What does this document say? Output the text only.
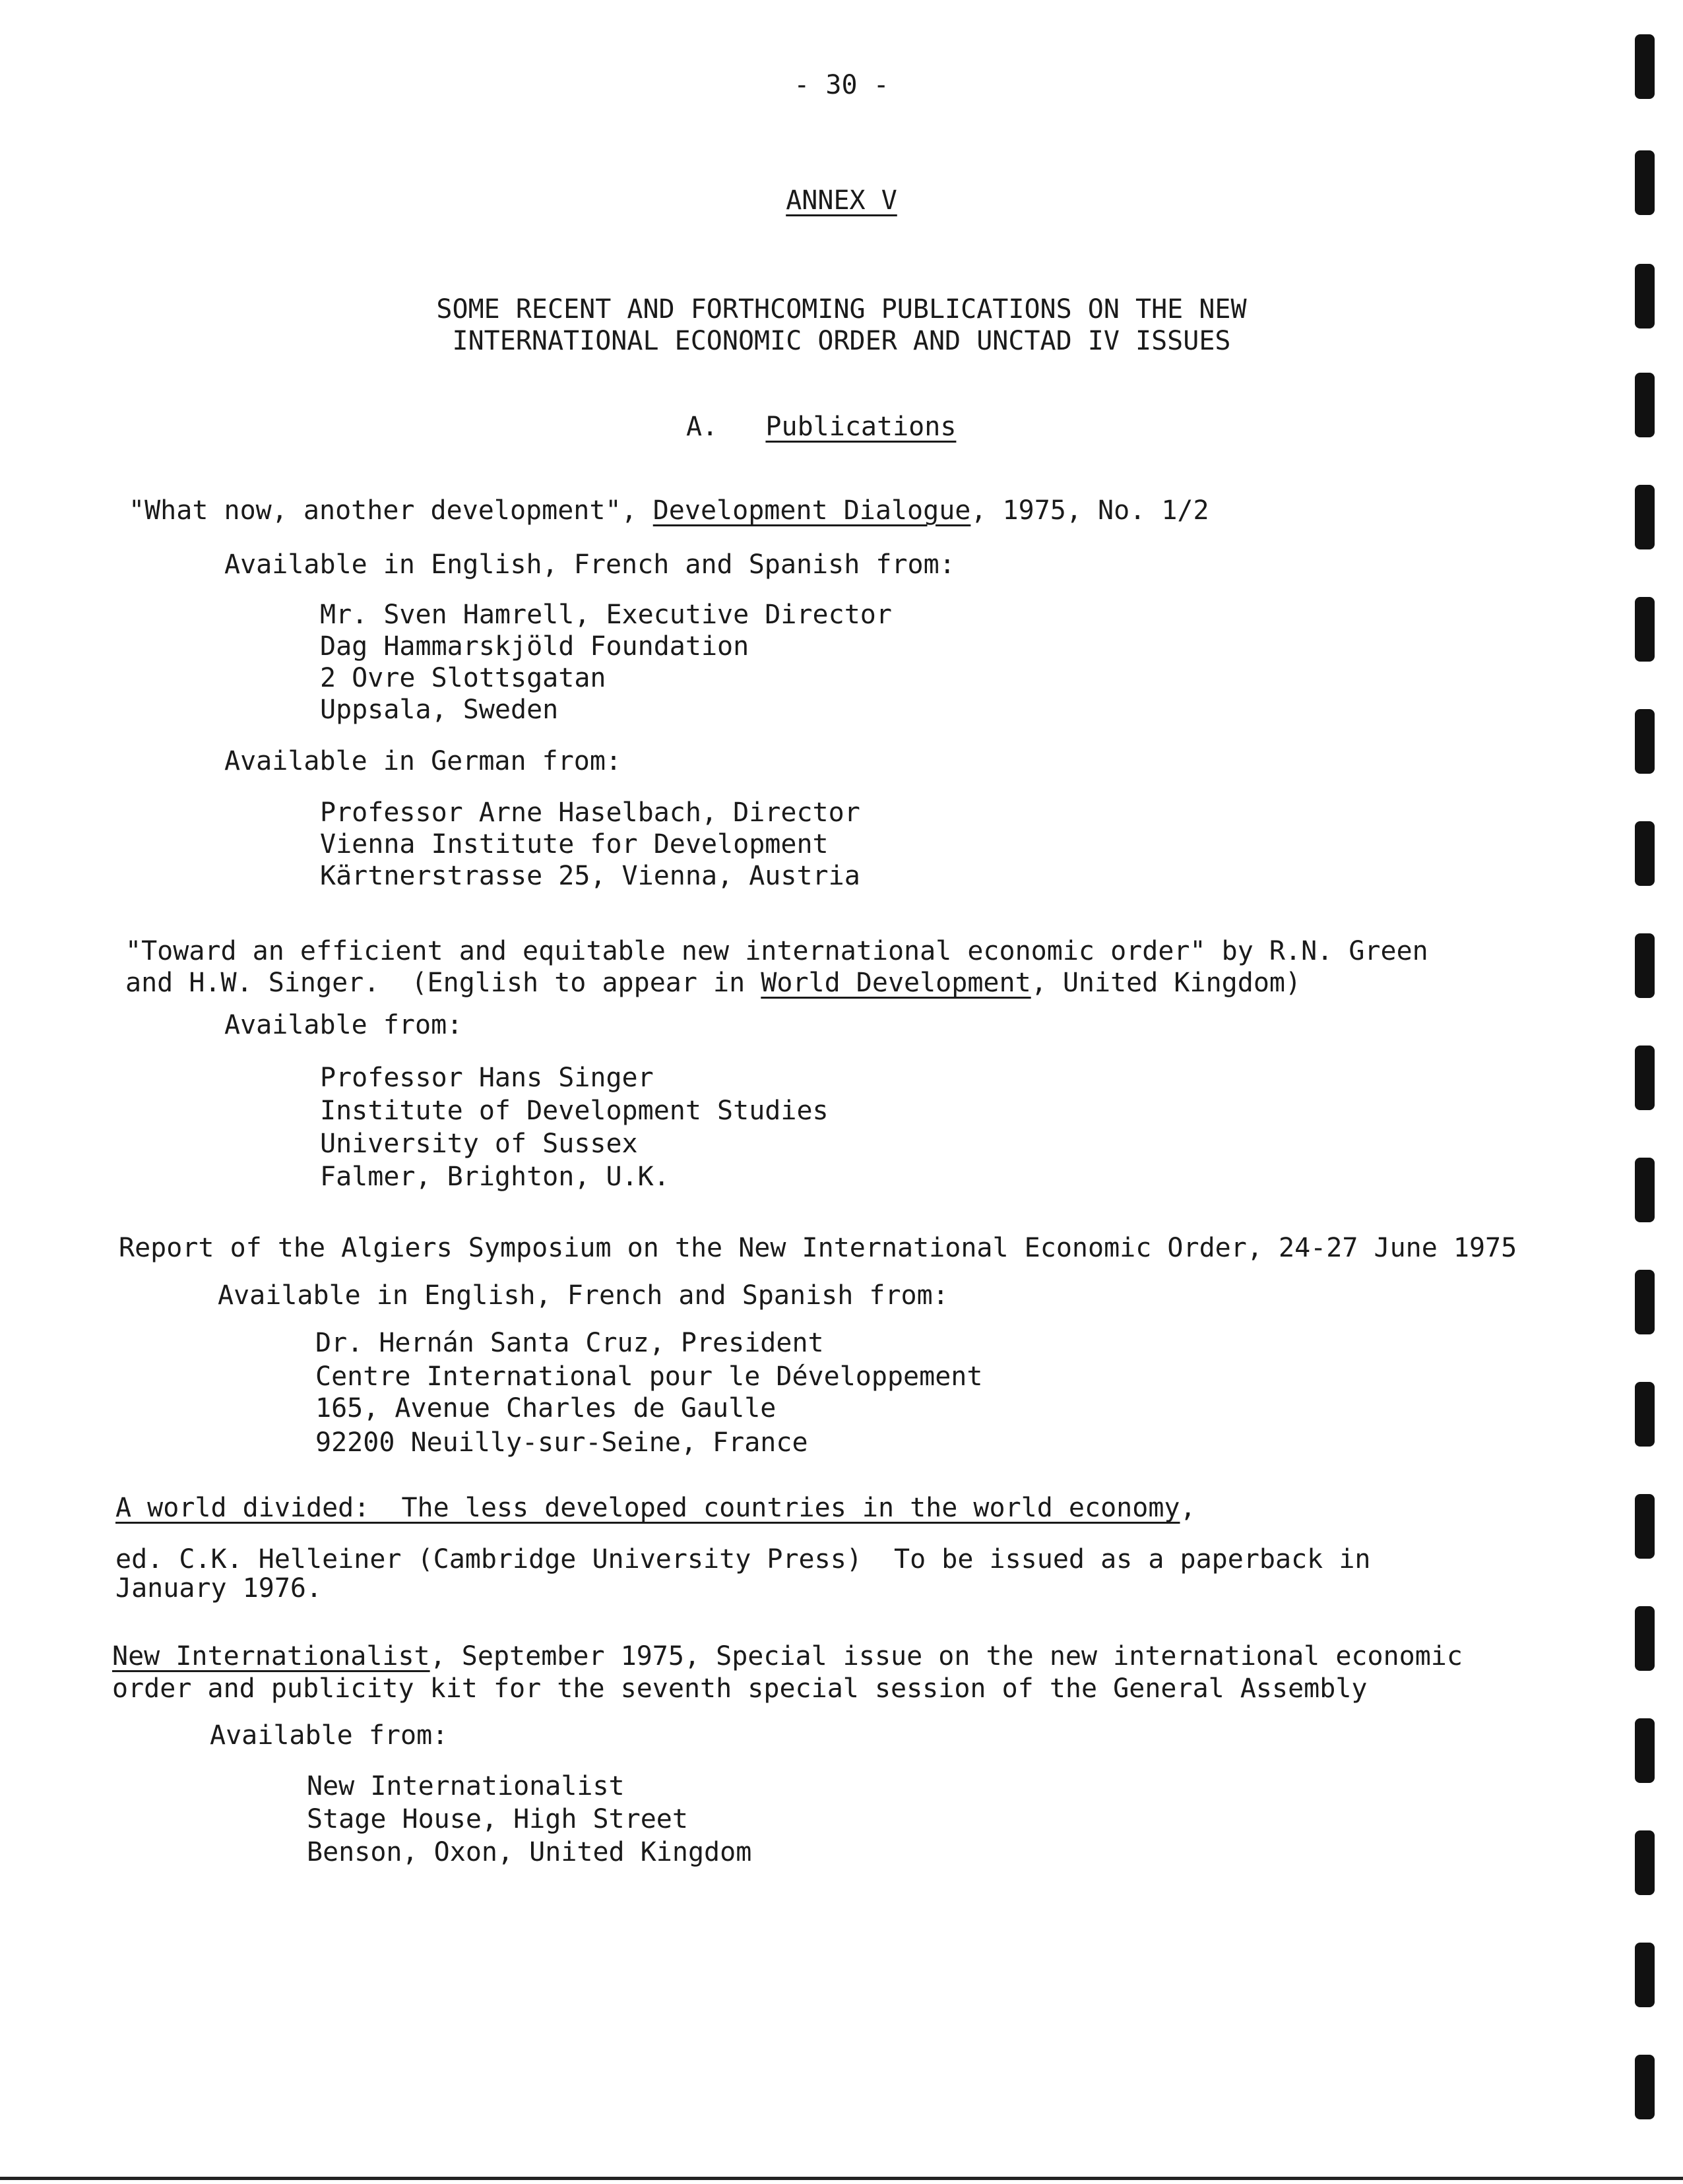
- 30 -

ANNEX V

SOME RECENT AND FORTHCOMING PUBLICATIONS ON THE NEW

INTERNATIONAL ECONOMIC ORDER AND UNCTAD IV ISSUES

A. Publications

"What now, another development", Development Dialogue, 1975, No. 1/2

Available in English, French and Spanish from:

Mr. Sven Hamrell, Executive Director

Dag Hammarskjöld Foundation

2 Ovre Slottsgatan

Uppsala, Sweden

Available in German from:

Professor Arne Haselbach, Director

Vienna Institute for Development

Kärtnerstrasse 25, Vienna, Austria

"Toward an efficient and equitable new international economic order" by R.N. Green

and H.W. Singer.  (English to appear in World Development, United Kingdom)

Available from:

Professor Hans Singer

Institute of Development Studies

University of Sussex

Falmer, Brighton, U.K.

Report of the Algiers Symposium on the New International Economic Order, 24-27 June 1975

Available in English, French and Spanish from:

Dr. Hernán Santa Cruz, President

Centre International pour le Développement

165, Avenue Charles de Gaulle

92200 Neuilly-sur-Seine, France

A world divided:  The less developed countries in the world economy,

ed. C.K. Helleiner (Cambridge University Press)  To be issued as a paperback in

January 1976.

New Internationalist, September 1975, Special issue on the new international economic

order and publicity kit for the seventh special session of the General Assembly

Available from:

New Internationalist

Stage House, High Street

Benson, Oxon, United Kingdom
